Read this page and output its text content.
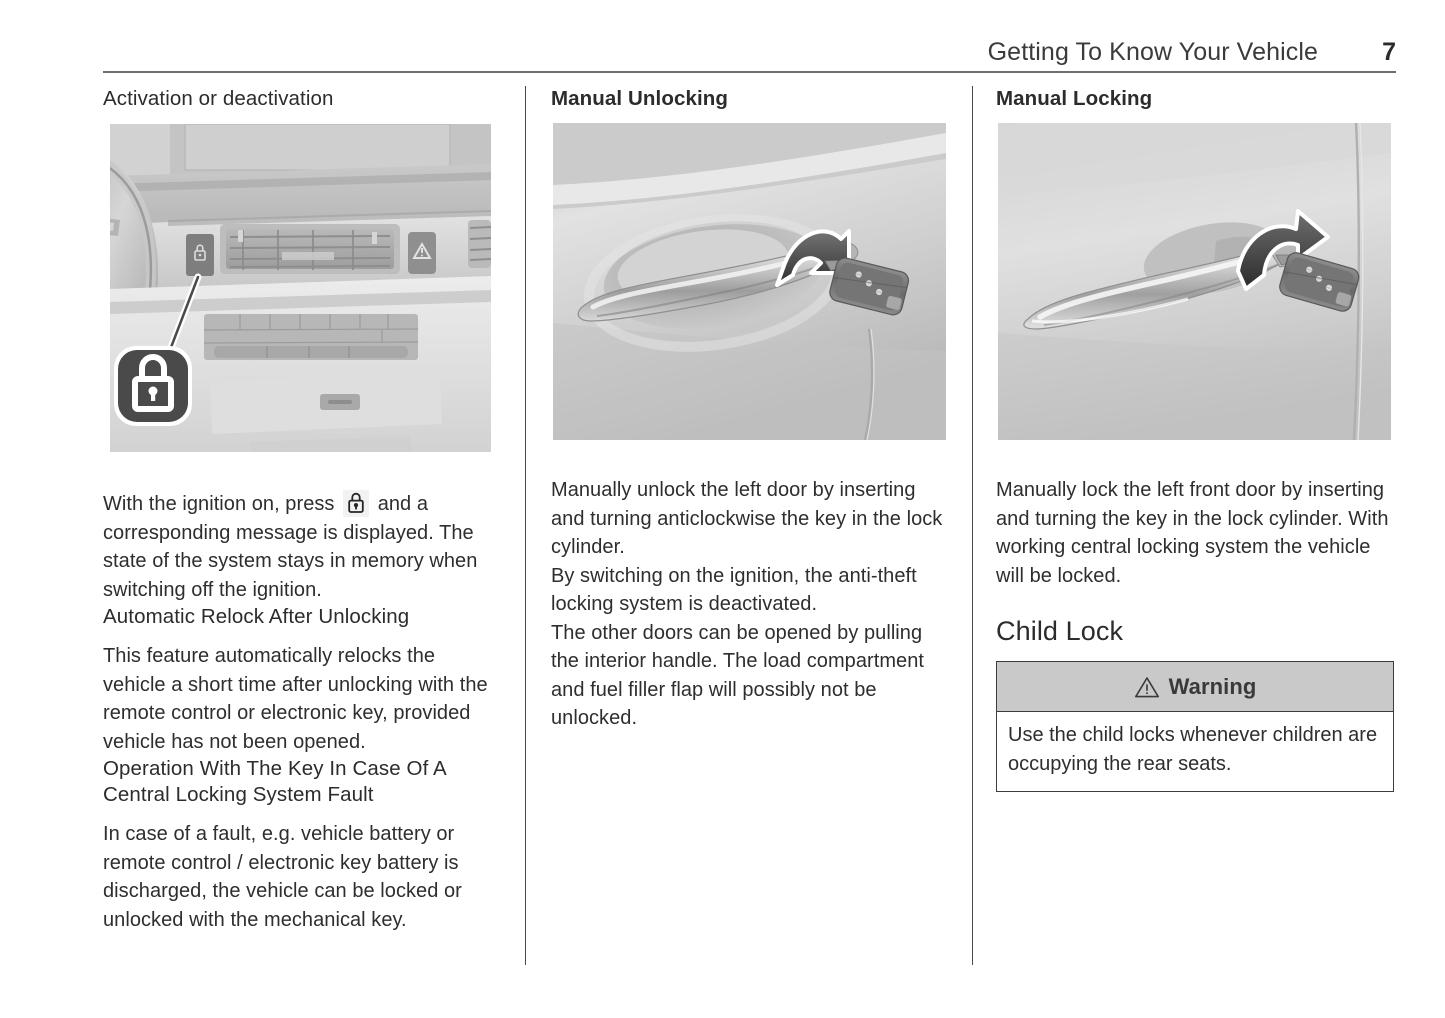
Getting To Know Your Vehicle	7
Activation or deactivation

With the ignition on, press and a corresponding message is displayed. The state of the system stays in memory when switching off the ignition.

Automatic Relock After Unlocking

This feature automatically relocks the vehicle a short time after unlocking with the remote control or electronic key, provided vehicle has not been opened.

Operation With The Key In Case Of A Central Locking System Fault

In case of a fault, e.g. vehicle battery or remote control / electronic key battery is discharged, the vehicle can be locked or unlocked with the mechanical key.

Manual Unlocking

Manually unlock the left door by inserting and turning anticlockwise the key in the lock cylinder.

By switching on the ignition, the anti-theft locking system is deactivated.

The other doors can be opened by pulling the interior handle. The load compartment and fuel filler flap will possibly not be unlocked.

Manual Locking

Manually lock the left front door by inserting and turning the key in the lock cylinder. With working central locking system the vehicle will be locked.

Child Lock
Warning

Use the child locks whenever children are occupying the rear seats.
